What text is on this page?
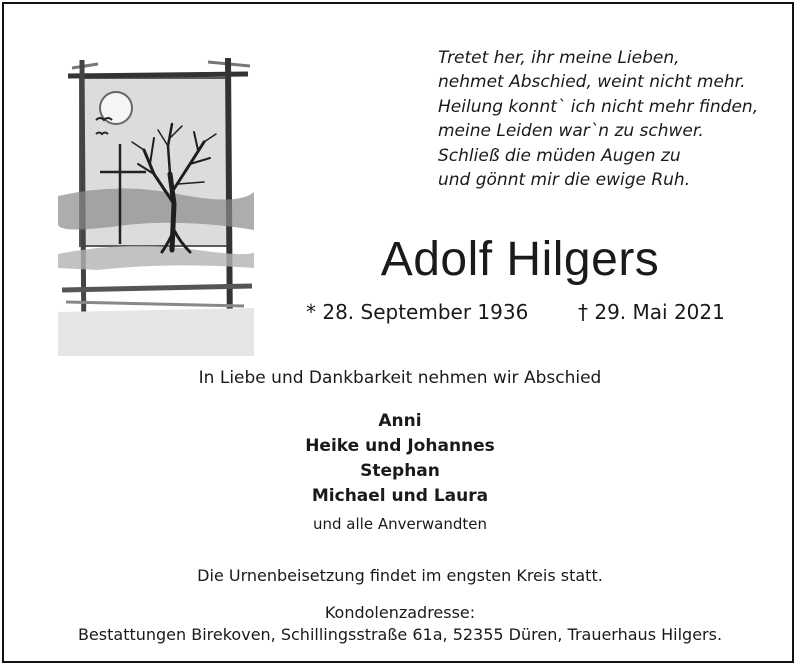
Tretet her, ihr meine Lieben,
nehmet Abschied, weint nicht mehr.
Heilung konnt` ich nicht mehr finden,
meine Leiden war`n zu schwer.
Schließ die müden Augen zu
und gönnt mir die ewige Ruh.
Adolf Hilgers
* 28. September 1936 † 29. Mai 2021
In Liebe und Dankbarkeit nehmen wir Abschied
Anni
Heike und Johannes
Stephan
Michael und Laura
und alle Anverwandten
Die Urnenbeisetzung findet im engsten Kreis statt.
Kondolenzadresse:
Bestattungen Birekoven, Schillingsstraße 61a, 52355 Düren, Trauerhaus Hilgers.
